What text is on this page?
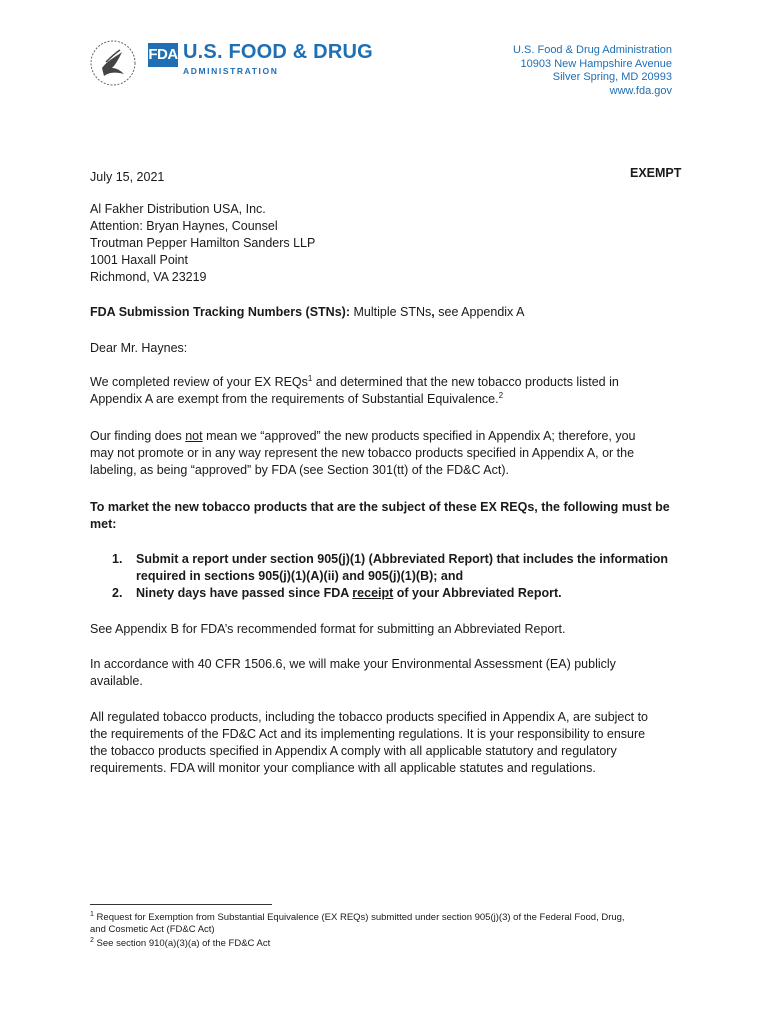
FDA U.S. FOOD & DRUG
ADMINISTRATION
U.S. Food & Drug Administration
10903 New Hampshire Avenue
Silver Spring, MD 20993
www.fda.gov
EXEMPT
July 15, 2021
Al Fakher Distribution USA, Inc.
Attention: Bryan Haynes, Counsel
Troutman Pepper Hamilton Sanders LLP
1001 Haxall Point
Richmond, VA 23219
FDA Submission Tracking Numbers (STNs): Multiple STNs, see Appendix A
Dear Mr. Haynes:
We completed review of your EX REQs$^1$ and determined that the new tobacco products listed in
Appendix A are exempt from the requirements of Substantial Equivalence.$^2$
Our finding does not mean we “approved” the new products specified in Appendix A; therefore, you
may not promote or in any way represent the new tobacco products specified in Appendix A, or the
labeling, as being “approved” by FDA (see Section 301(tt) of the FD&C Act).
To market the new tobacco products that are the subject of these EX REQs, the following must be
met:
1. Submit a report under section 905(j)(1) (Abbreviated Report) that includes the information
required in sections 905(j)(1)(A)(ii) and 905(j)(1)(B); and
2. Ninety days have passed since FDA receipt of your Abbreviated Report.
See Appendix B for FDA’s recommended format for submitting an Abbreviated Report.
In accordance with 40 CFR 1506.6, we will make your Environmental Assessment (EA) publicly
available.
All regulated tobacco products, including the tobacco products specified in Appendix A, are subject to
the requirements of the FD&C Act and its implementing regulations. It is your responsibility to ensure
the tobacco products specified in Appendix A comply with all applicable statutory and regulatory
requirements. FDA will monitor your compliance with all applicable statutes and regulations.
$^1$ Request for Exemption from Substantial Equivalence (EX REQs) submitted under section 905(j)(3) of the Federal Food, Drug,
and Cosmetic Act (FD&C Act)
$^2$ See section 910(a)(3)(a) of the FD&C Act
